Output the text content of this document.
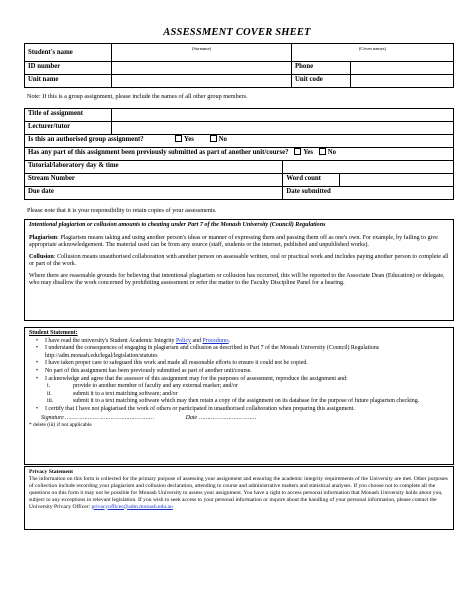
ASSESSMENT COVER SHEET
Student's name	(Surname)	(Given names)	

ID number		Phone	
Unit name		Unit code	
Note: If this is a group assignment, please include the names of all other group members.
Title of assignment			
Lecturer/tutor			
Is this an authorised group assignment? Yes No			
Has any part of this assignment been previously submitted as part of another unit/course? Yes No			
Tutorial/laboratory day & time			
Stream Number		Word count	
Due date		Date submitted	
Please note that it is your responsibility to retain copies of your assessments.

Intentional plagiarism or collusion amounts to cheating under Part 7 of the Monash University (Council) Regulations

Plagiarism: Plagiarism means taking and using another person's ideas or manner of expressing them and passing them off as one's own. For example, by failing to give appropriate acknowledgement. The material used can be from any source (staff, students or the internet, published and unpublished works).

Collusion: Collusion means unauthorised collaboration with another person on assessable written, oral or practical work and includes paying another person to complete all or part of the work.

Where there are reasonable grounds for believing that intentional plagiarism or collusion has occurred, this will be reported to the Associate Dean (Education) or delegate, who may disallow the work concerned by prohibiting assessment or refer the matter to the Faculty Discipline Panel for a hearing.

Student Statement:
• I have read the university's Student Academic Integrity Policy and Procedures.
• I understand the consequences of engaging in plagiarism and collusion as described in Part 7 of the Monash University (Council) Regulations http://adm.monash.edu/legal/legislation/statutes
• I have taken proper care to safeguard this work and made all reasonable efforts to ensure it could not be copied.
• No part of this assignment has been previously submitted as part of another unit/course.
• I acknowledge and agree that the assessor of this assignment may for the purposes of assessment, reproduce the assignment and:
i.	provide to another member of faculty and any external marker; and/or
ii.	submit it to a text matching software; and/or
iii.	submit it to a text matching software which may then retain a copy of the assignment on its database for the purpose of future plagiarism checking.
• I certify that I have not plagiarised the work of others or participated in unauthorised collaboration when preparing this assignment.
Signature ……………………………………………	Date ……………………………
* delete (iii) if not applicable
Privacy Statement
The information on this form is collected for the primary purpose of assessing your assignment and ensuring the academic integrity requirements of the University are met. Other purposes of collection include recording your plagiarism and collusion declaration, attending to course and administrative matters and statistical analyses. If you choose not to complete all the questions on this form it may not be possible for Monash University to assess your assignment. You have a right to access personal information that Monash University holds about you, subject to any exceptions in relevant legislation. If you wish to seek access to your personal information or inquire about the handling of your personal information, please contact the University Privacy Officer: privacyofficer@adm.monash.edu.au
